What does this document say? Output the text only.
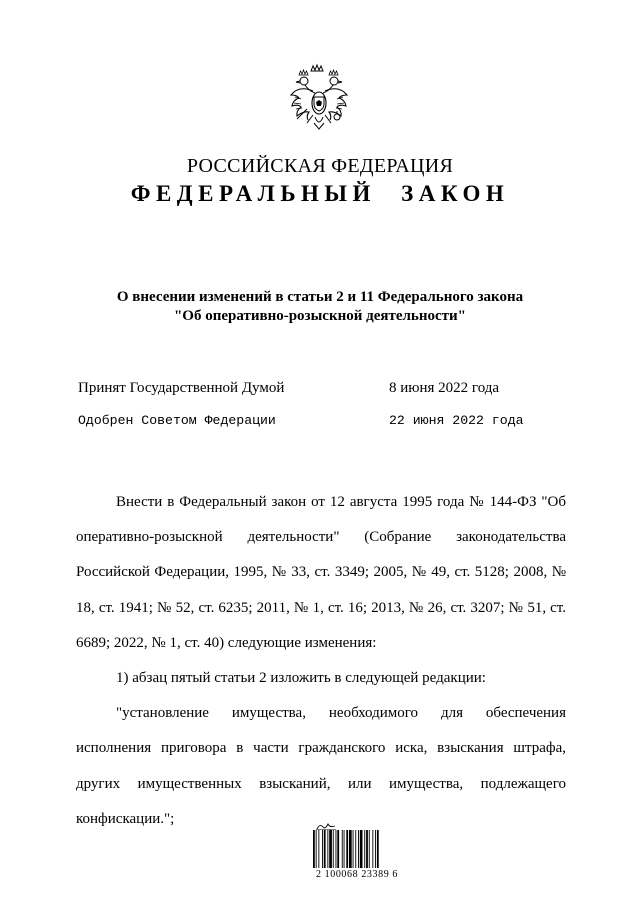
РОССИЙСКАЯ ФЕДЕРАЦИЯ
ФЕДЕРАЛЬНЫЙ ЗАКОН
О внесении изменений в статьи 2 и 11 Федерального закона
"Об оперативно-розыскной деятельности"
Принят Государственной Думой	8 июня 2022 года
Одобрен Советом Федерации	22 июня 2022 года

Внести в Федеральный закон от 12 августа 1995 года № 144-ФЗ "Об оперативно-розыскной деятельности" (Собрание законодательства Российской Федерации, 1995, № 33, ст. 3349; 2005, № 49, ст. 5128; 2008, № 18, ст. 1941; № 52, ст. 6235; 2011, № 1, ст. 16; 2013, № 26, ст. 3207; № 51, ст. 6689; 2022, № 1, ст. 40) следующие изменения:

1) абзац пятый статьи 2 изложить в следующей редакции:

"установление имущества, необходимого для обеспечения исполнения приговора в части гражданского иска, взыскания штрафа, других имущественных взысканий, или имущества, подлежащего конфискации.";

2 100068 23389 6
